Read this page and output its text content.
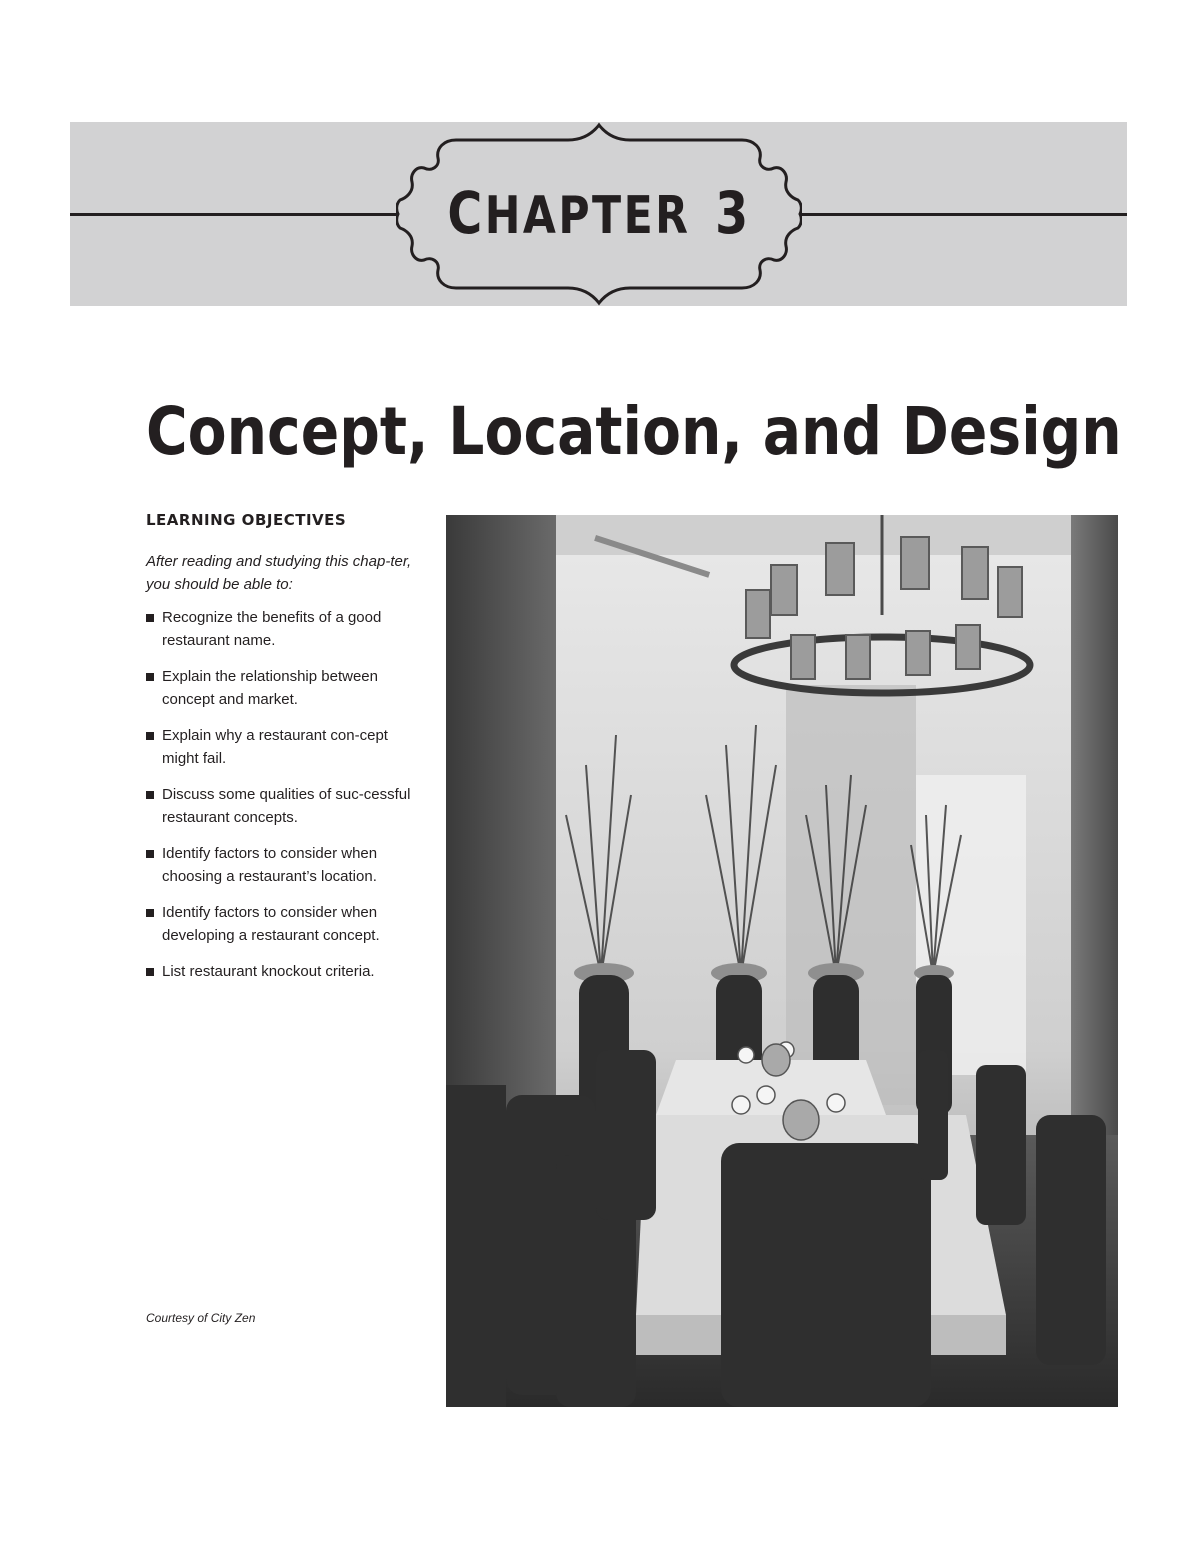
CHAPTER 3
Concept, Location, and Design
LEARNING OBJECTIVES
After reading and studying this chap-ter, you should be able to:
Recognize the benefits of a good restaurant name.
Explain the relationship between concept and market.
Explain why a restaurant con-cept might fail.
Discuss some qualities of suc-cessful restaurant concepts.
Identify factors to consider when choosing a restaurant’s location.
Identify factors to consider when developing a restaurant concept.
List restaurant knockout criteria.
Courtesy of City Zen
